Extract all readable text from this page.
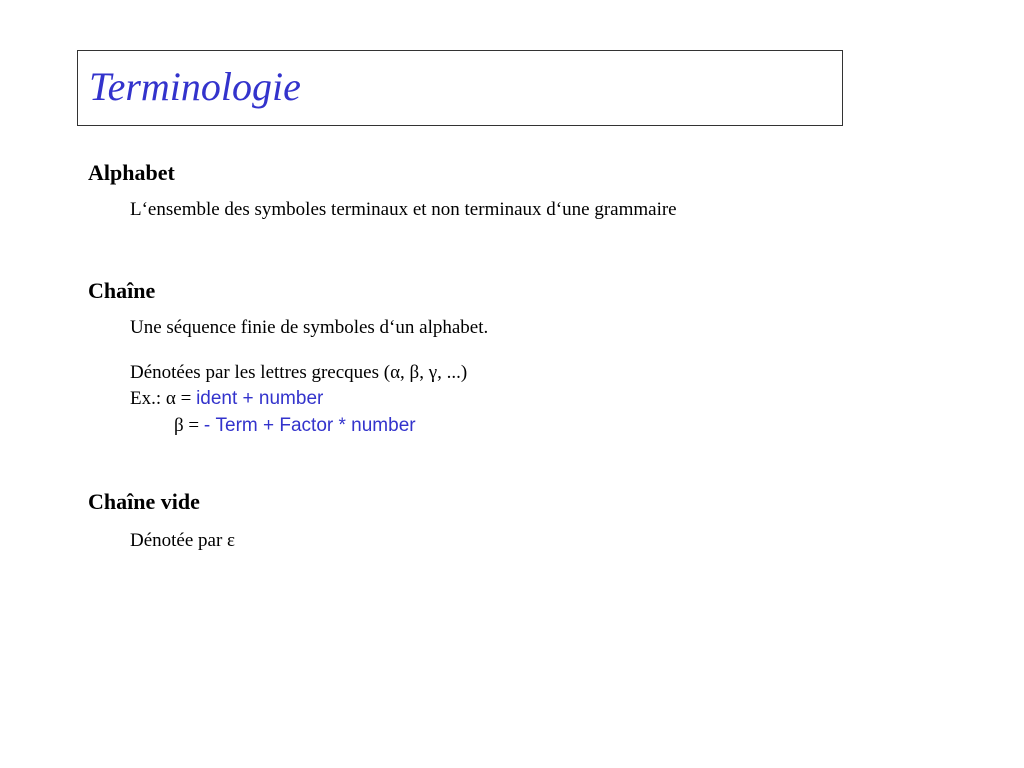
Terminologie
Alphabet

L‘ensemble des symboles terminaux et non terminaux d‘une grammaire

Chaîne

Une séquence finie de symboles d‘un alphabet.

Dénotées par les lettres grecques (α, β, γ, ...)

Ex.: α = ident + number

β = - Term + Factor * number

Chaîne vide

Dénotée par ε
